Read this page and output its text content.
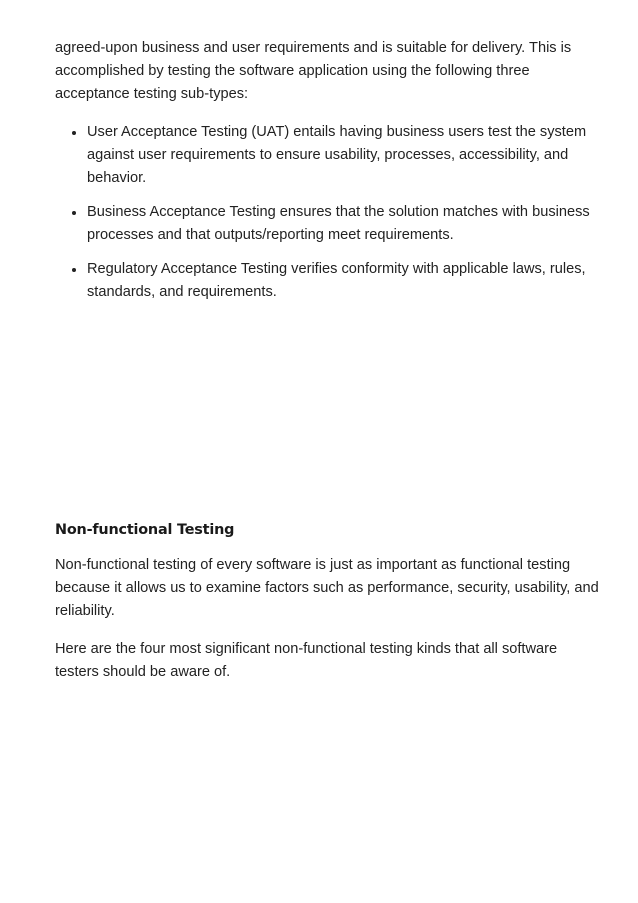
agreed-upon business and user requirements and is suitable for delivery. This is accomplished by testing the software application using the following three acceptance testing sub-types:

User Acceptance Testing (UAT) entails having business users test the system against user requirements to ensure usability, processes, accessibility, and behavior.
Business Acceptance Testing ensures that the solution matches with business processes and that outputs/reporting meet requirements.
Regulatory Acceptance Testing verifies conformity with applicable laws, rules, standards, and requirements.
Non-functional Testing

Non-functional testing of every software is just as important as functional testing because it allows us to examine factors such as performance, security, usability, and reliability.

Here are the four most significant non-functional testing kinds that all software testers should be aware of.
